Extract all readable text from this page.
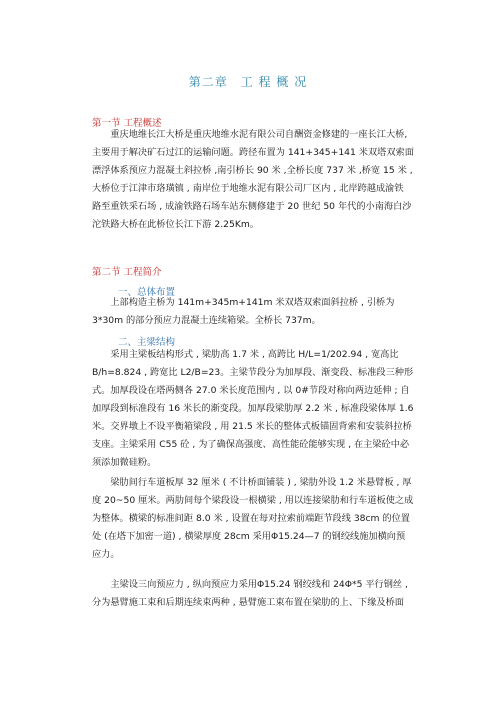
第二章　工 程 概 况
第一节 工程概述
　　重庆地维长江大桥是重庆地维水泥有限公司自酬资金修建的一座长江大桥,
主要用于解决矿石过江的运输问题。跨径布置为 141+345+141 米双塔双索面
漂浮体系预应力混凝土斜拉桥 ,南引桥长 90 米 ,全桥长度 737 米 ,桥宽 15 米 ,
大桥位于江津市珞璜镇 , 南岸位于地维水泥有限公司厂区内 , 北岸跨越成渝铁
路至重铁采石场 , 成渝铁路石场车站东侧修建于 20 世纪 50 年代的小南海白沙
沱铁路大桥在此桥位长江下游 2.25Km。
第二节 工程简介
一、总体布置
　　上部构造主桥为 141m+345m+141m 米双塔双索面斜拉桥 , 引桥为
3*30m 的部分预应力混凝土连续箱梁。全桥长 737m。
二、主梁结构
　　采用主梁板结构形式 , 梁肋高 1.7 米 , 高跨比 H/L=1/202.94 , 宽高比
B/h=8.824 , 跨宽比 L2/B=23。主梁节段分为加厚段、渐变段、标准段三种形
式。加厚段设在塔两侧各 27.0 米长度范围内 , 以 0#节段对称向两边延伸 ; 自
加厚段到标准段有 16 米长的渐变段。加厚段梁肋厚 2.2 米 , 标准段梁体厚 1.6
米。交界墩上不设平衡箱梁段 , 用 21.5 米长的整体式板锚固背索和安装斜拉桥
支座。主梁采用 C55 砼 , 为了确保高强度、高性能砼能够实现 , 在主梁砼中必
须添加微硅粉。
　　梁肋间行车道板厚 32 厘米 ( 不计桥面铺装 ) , 梁肋外设 1.2 米悬臂板 , 厚
度 20~50 厘米。两肋间每个梁段设一根横梁 , 用以连接梁肋和行车道板使之成
为整体。横梁的标准间距 8.0 米 , 设置在每对拉索前端距节段线 38cm 的位置
处 (在塔下加密一道) , 横梁厚度 28cm 采用Φ15.24—7 的钢绞线施加横向预
应力。
　　主梁设三向预应力 , 纵向预应力采用Φ15.24 钢绞线和 24Φ*5 平行钢丝 ,
分为悬臂施工束和后期连续束两种 , 悬臂施工束布置在梁肋的上、下缘及桥面
